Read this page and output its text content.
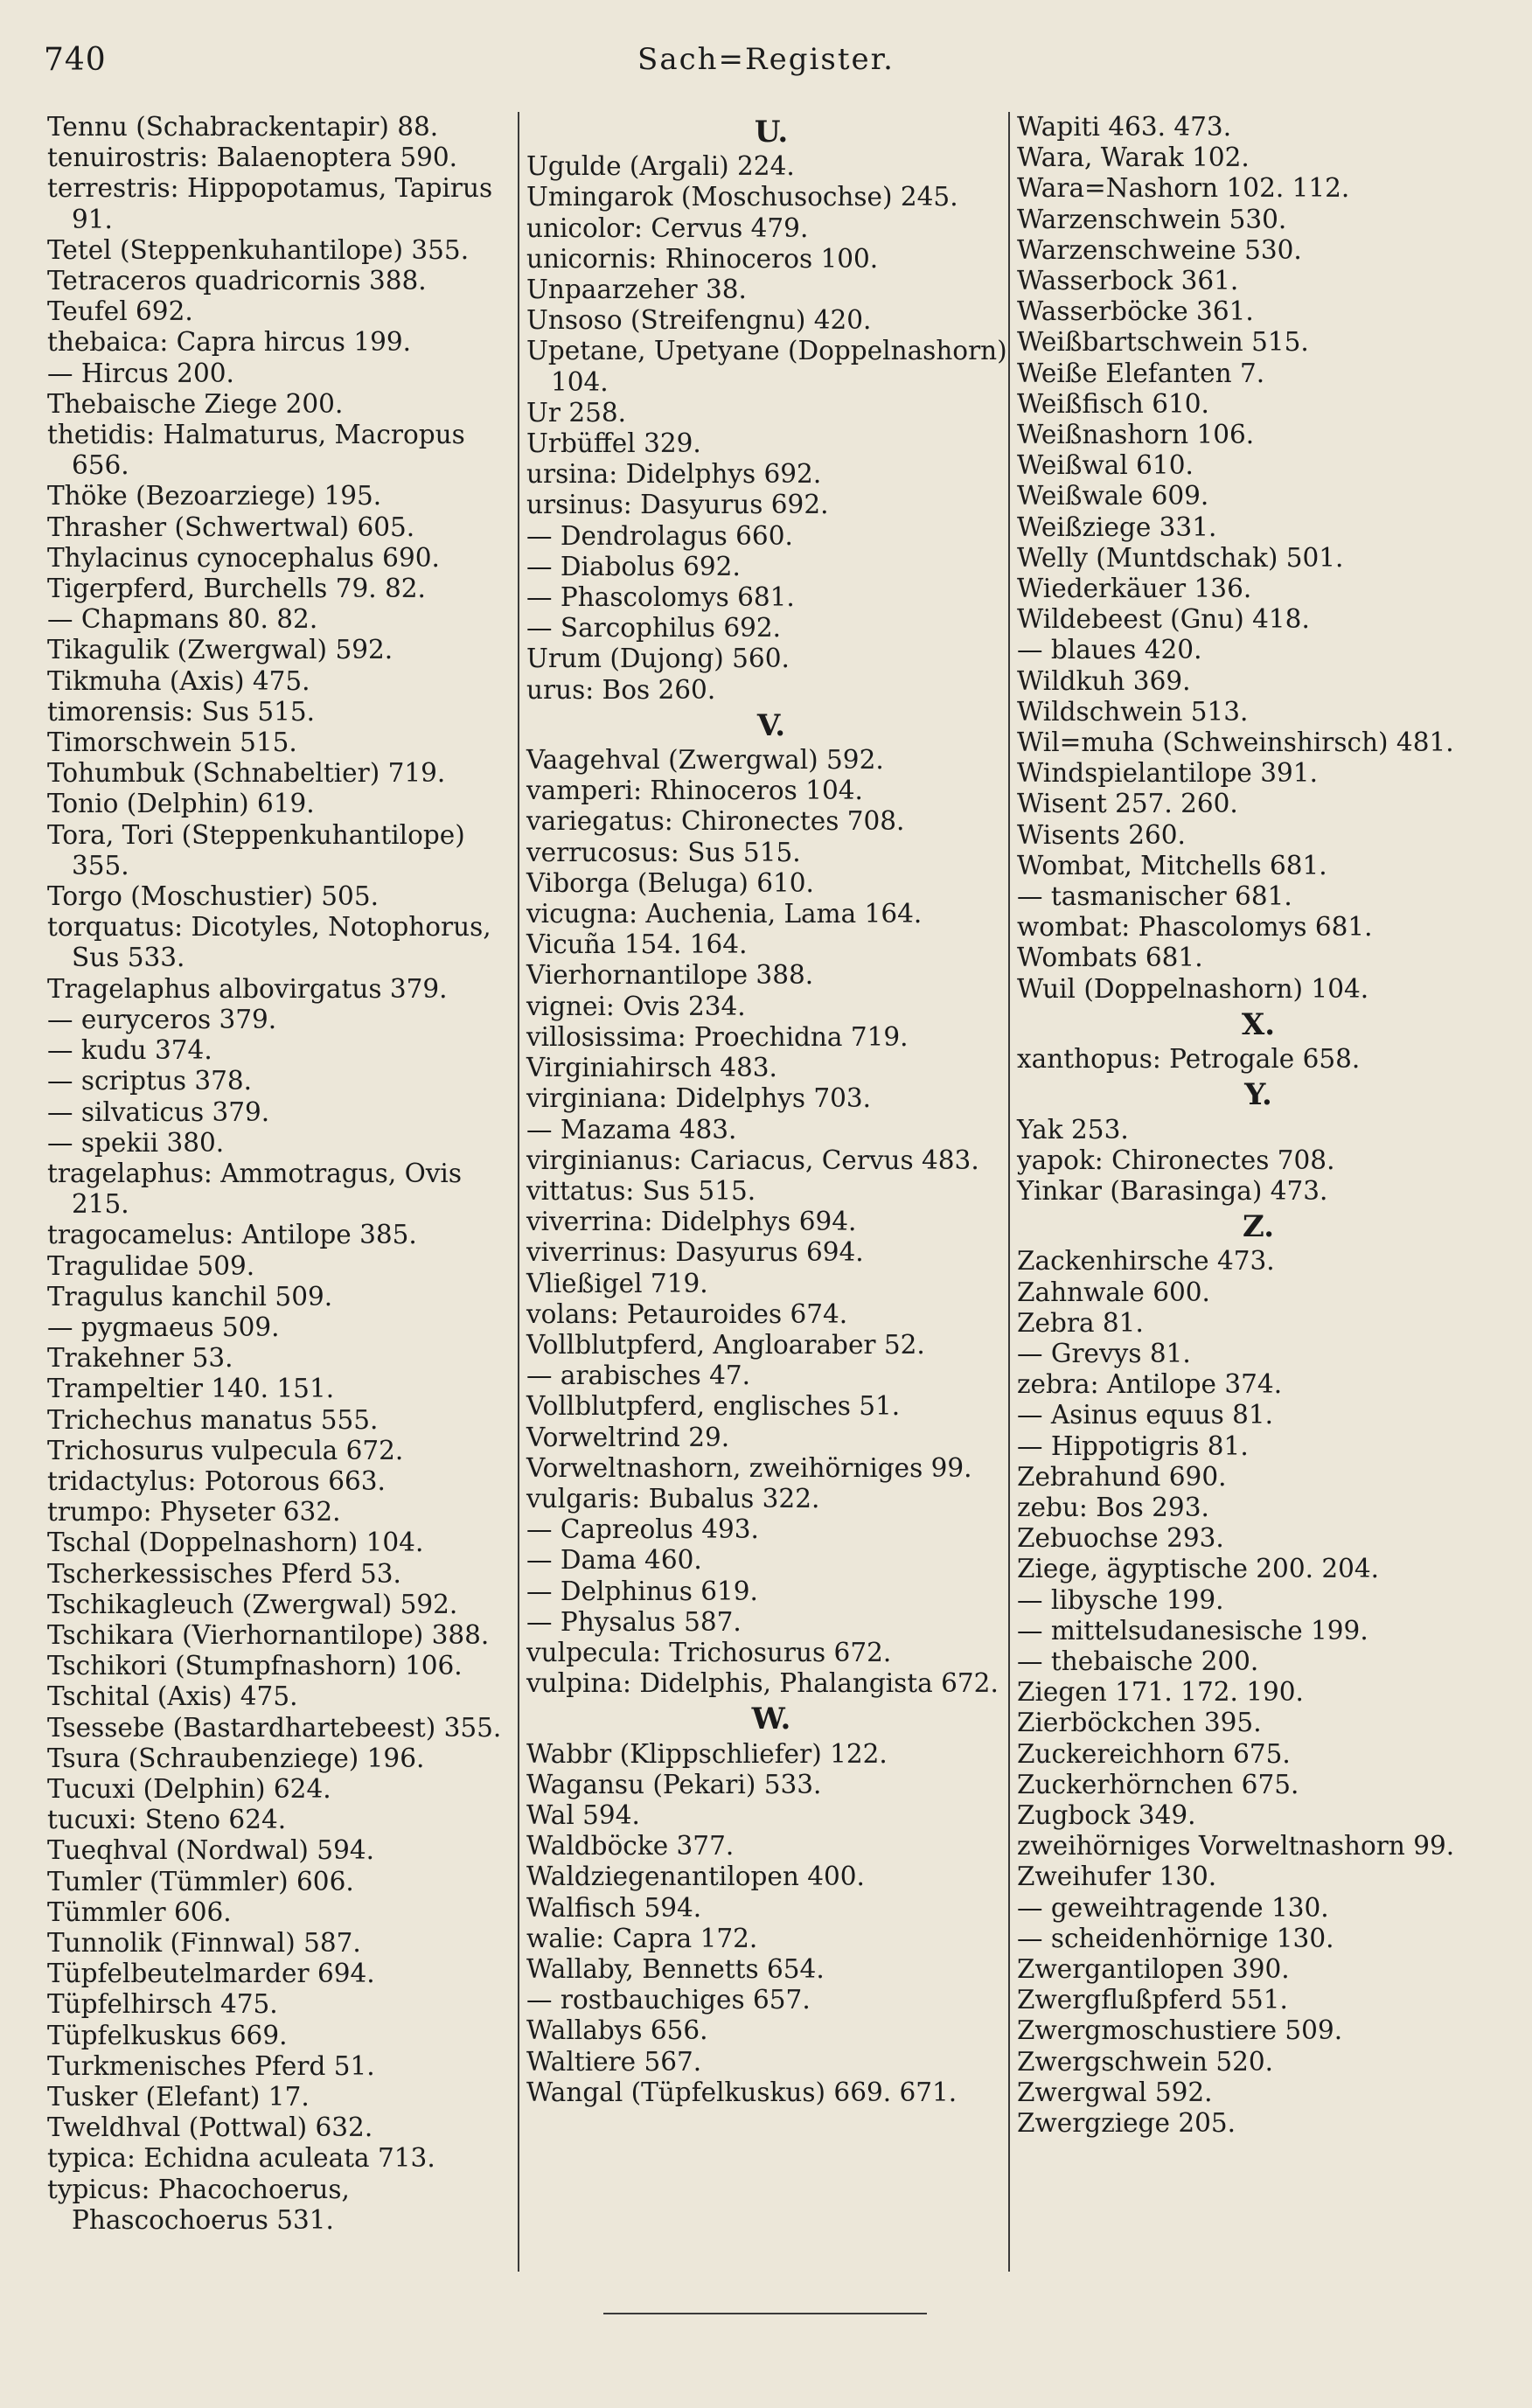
740	Sach=Register.

Tennu (Schabrackentapir) 88.

tenuirostris: Balaenoptera 590.

terrestris: Hippopotamus, Tapirus 91.

Tetel (Steppenkuhantilope) 355.

Tetraceros quadricornis 388.

Teufel 692.

thebaica: Capra hircus 199.

— Hircus 200.

Thebaische Ziege 200.

thetidis: Halmaturus, Macropus 656.

Thöke (Bezoarziege) 195.

Thrasher (Schwertwal) 605.

Thylacinus cynocephalus 690.

Tigerpferd, Burchells 79. 82.

— Chapmans 80. 82.

Tikagulik (Zwergwal) 592.

Tikmuha (Axis) 475.

timorensis: Sus 515.

Timorschwein 515.

Tohumbuk (Schnabeltier) 719.

Tonio (Delphin) 619.

Tora, Tori (Steppenkuhantilope) 355.

Torgo (Moschustier) 505.

torquatus: Dicotyles, Notophorus, Sus 533.

Tragelaphus albovirgatus 379.

— euryceros 379.

— kudu 374.

— scriptus 378.

— silvaticus 379.

— spekii 380.

tragelaphus: Ammotragus, Ovis 215.

tragocamelus: Antilope 385.

Tragulidae 509.

Tragulus kanchil 509.

— pygmaeus 509.

Trakehner 53.

Trampeltier 140. 151.

Trichechus manatus 555.

Trichosurus vulpecula 672.

tridactylus: Potorous 663.

trumpo: Physeter 632.

Tschal (Doppelnashorn) 104.

Tscherkessisches Pferd 53.

Tschikagleuch (Zwergwal) 592.

Tschikara (Vierhornantilope) 388.

Tschikori (Stumpfnashorn) 106.

Tschital (Axis) 475.

Tsessebe (Bastardhartebeest) 355.

Tsura (Schraubenziege) 196.

Tucuxi (Delphin) 624.

tucuxi: Steno 624.

Tueqhval (Nordwal) 594.

Tumler (Tümmler) 606.

Tümmler 606.

Tunnolik (Finnwal) 587.

Tüpfelbeutelmarder 694.

Tüpfelhirsch 475.

Tüpfelkuskus 669.

Turkmenisches Pferd 51.

Tusker (Elefant) 17.

Tweldhval (Pottwal) 632.

typica: Echidna aculeata 713.

typicus: Phacochoerus, Phascochoerus 531.

U.

Ugulde (Argali) 224.

Umingarok (Moschusochse) 245.

unicolor: Cervus 479.

unicornis: Rhinoceros 100.

Unpaarzeher 38.

Unsoso (Streifengnu) 420.

Upetane, Upetyane (Doppelnashorn) 104.

Ur 258.

Urbüffel 329.

ursina: Didelphys 692.

ursinus: Dasyurus 692.

— Dendrolagus 660.

— Diabolus 692.

— Phascolomys 681.

— Sarcophilus 692.

Urum (Dujong) 560.

urus: Bos 260.

V.

Vaagehval (Zwergwal) 592.

vamperi: Rhinoceros 104.

variegatus: Chironectes 708.

verrucosus: Sus 515.

Viborga (Beluga) 610.

vicugna: Auchenia, Lama 164.

Vicuña 154. 164.

Vierhornantilope 388.

vignei: Ovis 234.

villosissima: Proechidna 719.

Virginiahirsch 483.

virginiana: Didelphys 703.

— Mazama 483.

virginianus: Cariacus, Cervus 483.

vittatus: Sus 515.

viverrina: Didelphys 694.

viverrinus: Dasyurus 694.

Vließigel 719.

volans: Petauroides 674.

Vollblutpferd, Angloaraber 52.

— arabisches 47.

Vollblutpferd, englisches 51.

Vorweltrind 29.

Vorweltnashorn, zweihörniges 99.

vulgaris: Bubalus 322.

— Capreolus 493.

— Dama 460.

— Delphinus 619.

— Physalus 587.

vulpecula: Trichosurus 672.

vulpina: Didelphis, Phalangista 672.

W.

Wabbr (Klippschliefer) 122.

Wagansu (Pekari) 533.

Wal 594.

Waldböcke 377.

Waldziegenantilopen 400.

Walfisch 594.

walie: Capra 172.

Wallaby, Bennetts 654.

— rostbauchiges 657.

Wallabys 656.

Waltiere 567.

Wangal (Tüpfelkuskus) 669. 671.

Wapiti 463. 473.

Wara, Warak 102.

Wara=Nashorn 102. 112.

Warzenschwein 530.

Warzenschweine 530.

Wasserbock 361.

Wasserböcke 361.

Weißbartschwein 515.

Weiße Elefanten 7.

Weißfisch 610.

Weißnashorn 106.

Weißwal 610.

Weißwale 609.

Weißziege 331.

Welly (Muntdschak) 501.

Wiederkäuer 136.

Wildebeest (Gnu) 418.

— blaues 420.

Wildkuh 369.

Wildschwein 513.

Wil=muha (Schweinshirsch) 481.

Windspielantilope 391.

Wisent 257. 260.

Wisents 260.

Wombat, Mitchells 681.

— tasmanischer 681.

wombat: Phascolomys 681.

Wombats 681.

Wuil (Doppelnashorn) 104.

X.

xanthopus: Petrogale 658.

Y.

Yak 253.

yapok: Chironectes 708.

Yinkar (Barasinga) 473.

Z.

Zackenhirsche 473.

Zahnwale 600.

Zebra 81.

— Grevys 81.

zebra: Antilope 374.

— Asinus equus 81.

— Hippotigris 81.

Zebrahund 690.

zebu: Bos 293.

Zebuochse 293.

Ziege, ägyptische 200. 204.

— libysche 199.

— mittelsudanesische 199.

— thebaische 200.

Ziegen 171. 172. 190.

Zierböckchen 395.

Zuckereichhorn 675.

Zuckerhörnchen 675.

Zugbock 349.

zweihörniges Vorweltnashorn 99.

Zweihufer 130.

— geweihtragende 130.

— scheidenhörnige 130.

Zwergantilopen 390.

Zwergflußpferd 551.

Zwergmoschustiere 509.

Zwergschwein 520.

Zwergwal 592.

Zwergziege 205.
